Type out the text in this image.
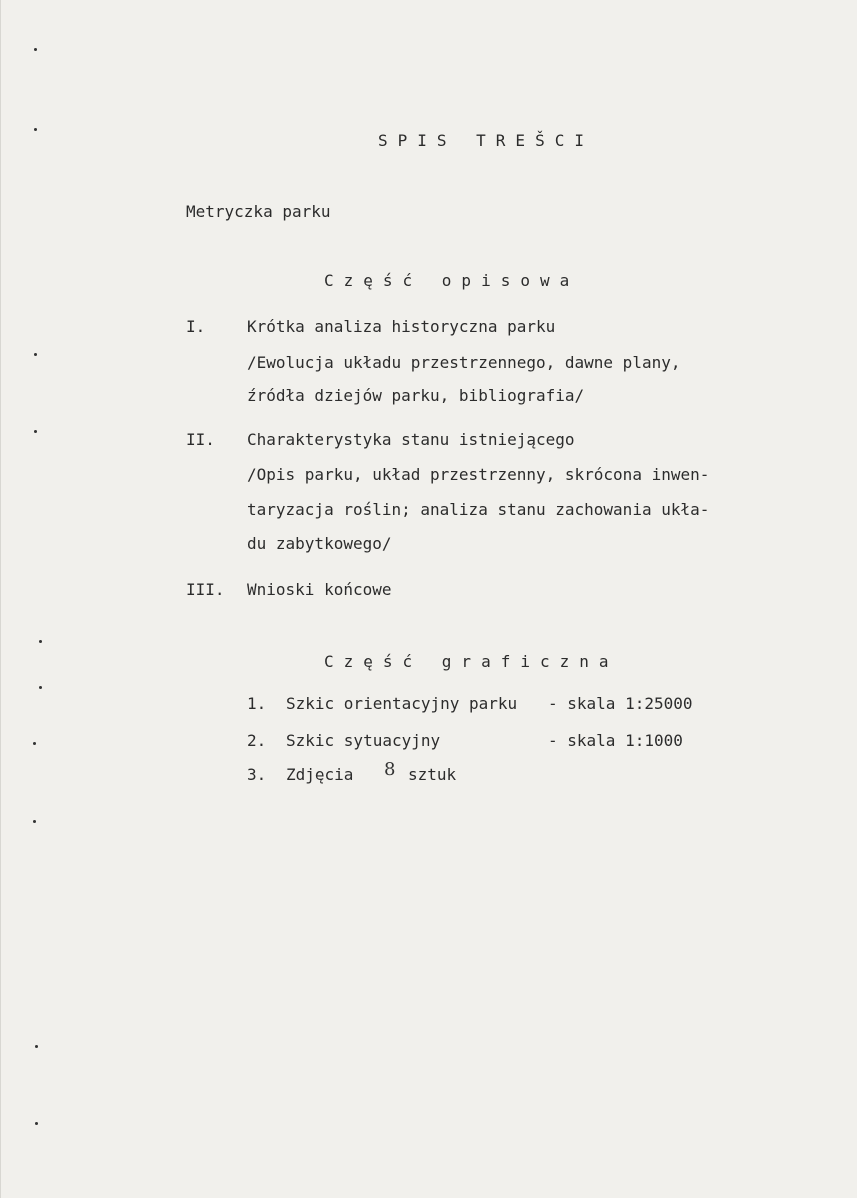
SPIS TREŠCI
Metryczka parku
Część opisowa
I.	Krótka analiza historyczna parku
/Ewolucja układu przestrzennego, dawne plany,
źródła dziejów parku, bibliografia/
II. Charakterystyka stanu istniejącego
/Opis parku, układ przestrzenny, skrócona inwen-
taryzacja roślin; analiza stanu zachowania ukła-
du zabytkowego/
III. Wnioski końcowe
Część graficzna
1. Szkic orientacyjny parku - skala 1:25000
2. Szkic sytuacyjny	- skala 1:1000
3. Zdjęcia 8 sztuk
